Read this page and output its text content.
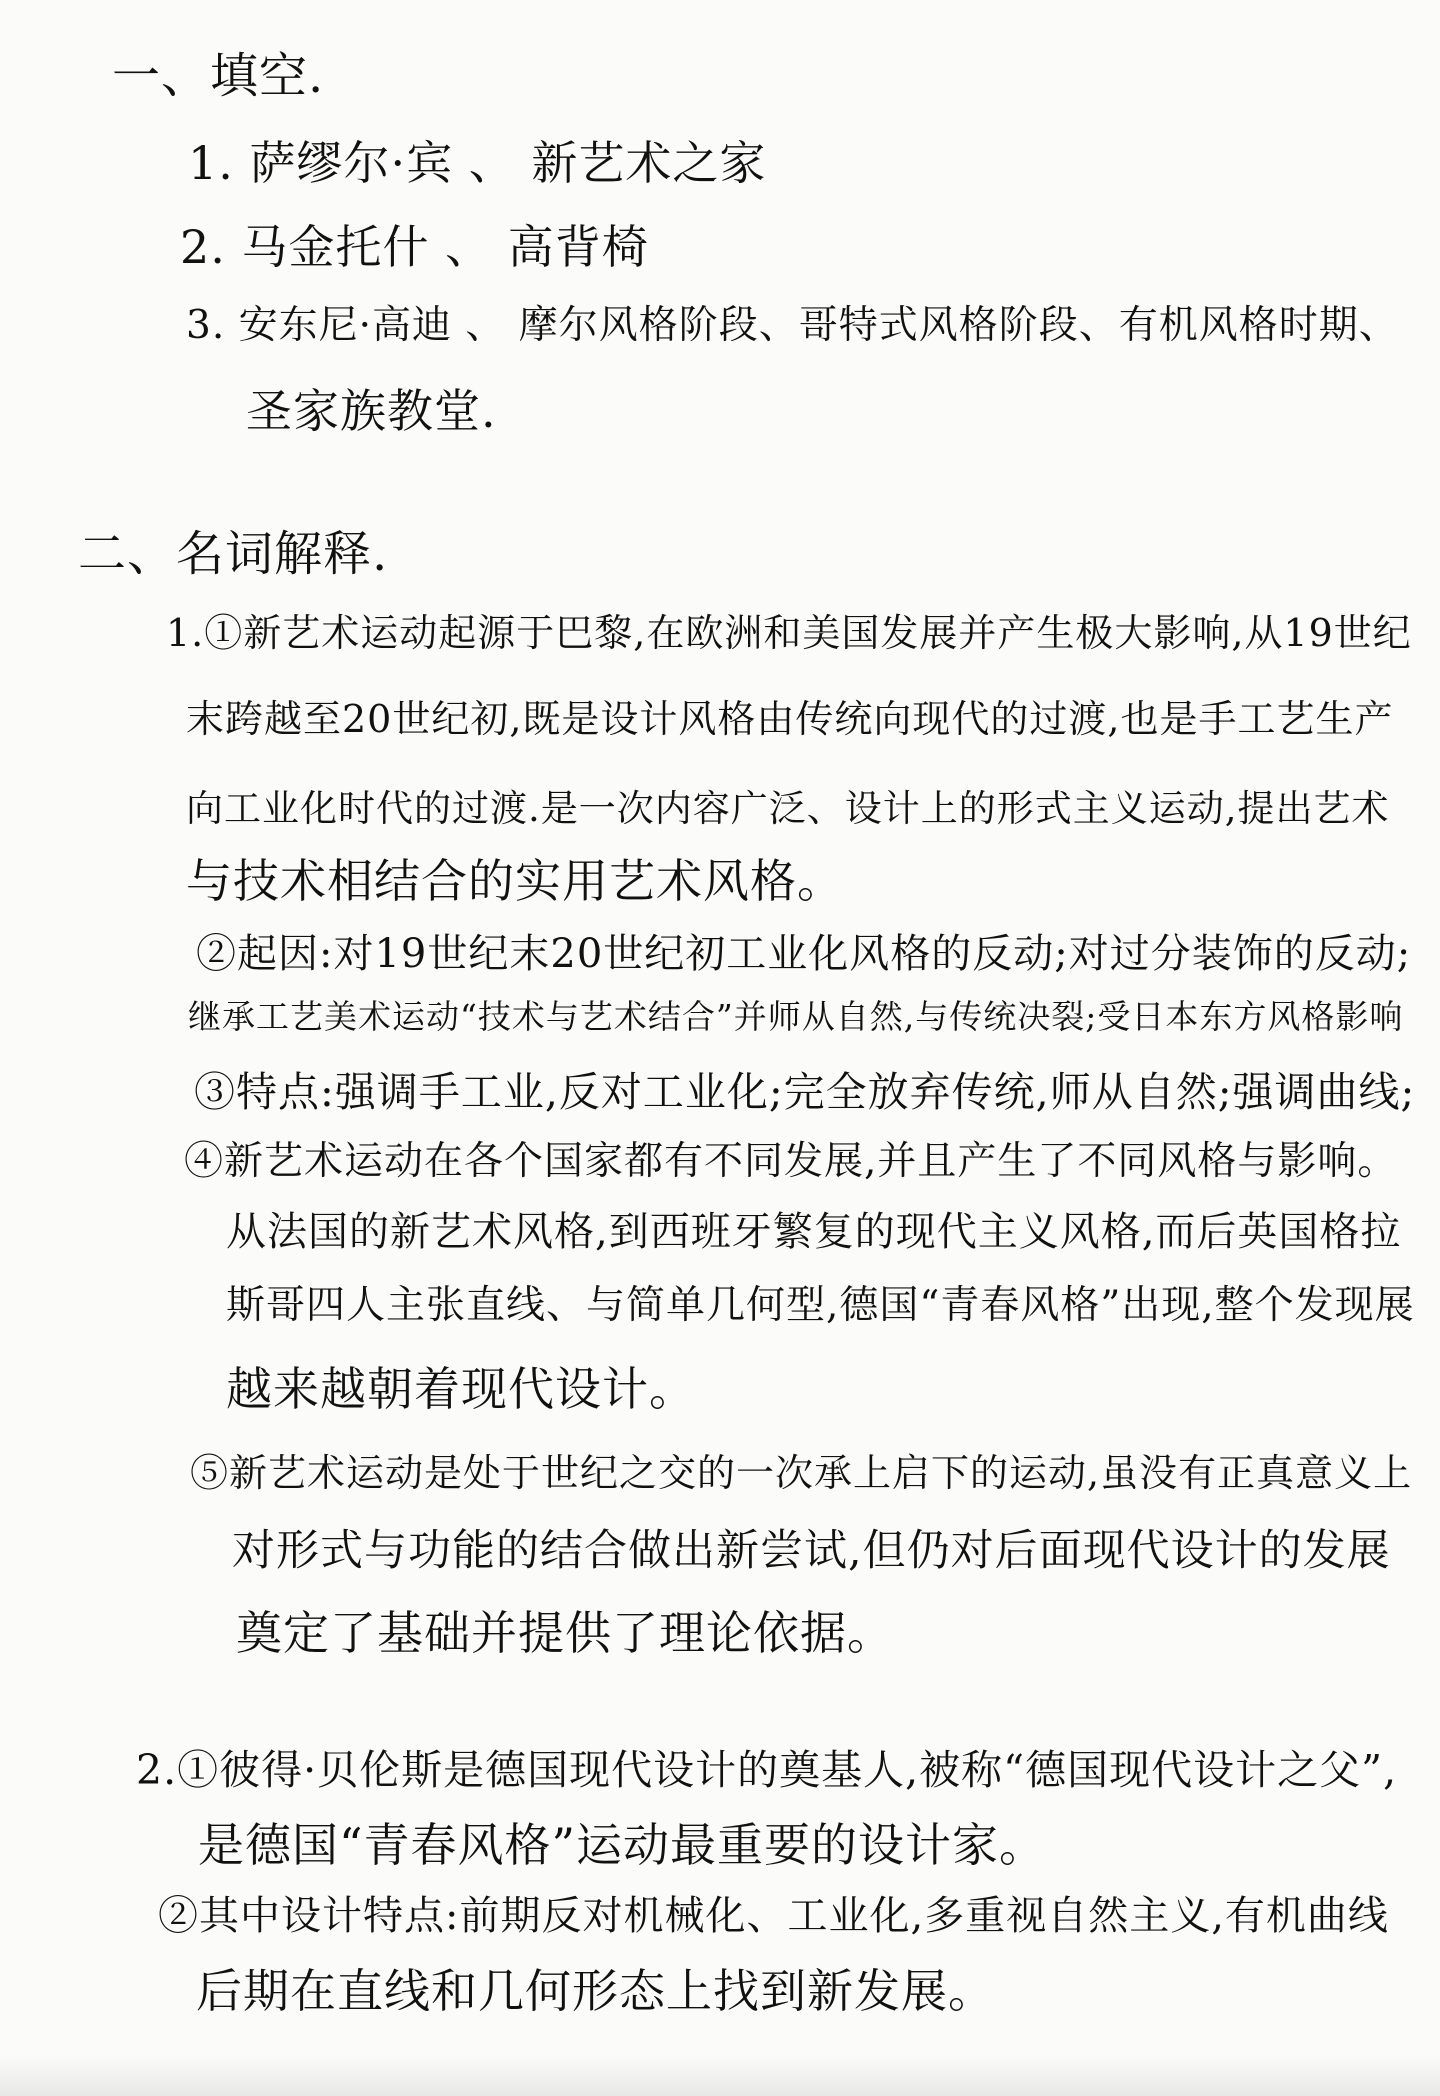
一、填空.
1. 萨缪尔·宾 、 新艺术之家
2. 马金托什 、 高背椅
3. 安东尼·高迪 、 摩尔风格阶段、哥特式风格阶段、有机风格时期、
圣家族教堂.
二、名词解释.
1.①新艺术运动起源于巴黎,在欧洲和美国发展并产生极大影响,从19世纪
末跨越至20世纪初,既是设计风格由传统向现代的过渡,也是手工艺生产
向工业化时代的过渡.是一次内容广泛、设计上的形式主义运动,提出艺术
与技术相结合的实用艺术风格。
②起因:对19世纪末20世纪初工业化风格的反动;对过分装饰的反动;
继承工艺美术运动“技术与艺术结合”并师从自然,与传统决裂;受日本东方风格影响
③特点:强调手工业,反对工业化;完全放弃传统,师从自然;强调曲线;
④新艺术运动在各个国家都有不同发展,并且产生了不同风格与影响。
从法国的新艺术风格,到西班牙繁复的现代主义风格,而后英国格拉
斯哥四人主张直线、与简单几何型,德国“青春风格”出现,整个发现展
越来越朝着现代设计。
⑤新艺术运动是处于世纪之交的一次承上启下的运动,虽没有正真意义上
对形式与功能的结合做出新尝试,但仍对后面现代设计的发展
奠定了基础并提供了理论依据。
2.①彼得·贝伦斯是德国现代设计的奠基人,被称“德国现代设计之父”,
是德国“青春风格”运动最重要的设计家。
②其中设计特点:前期反对机械化、工业化,多重视自然主义,有机曲线
后期在直线和几何形态上找到新发展。
